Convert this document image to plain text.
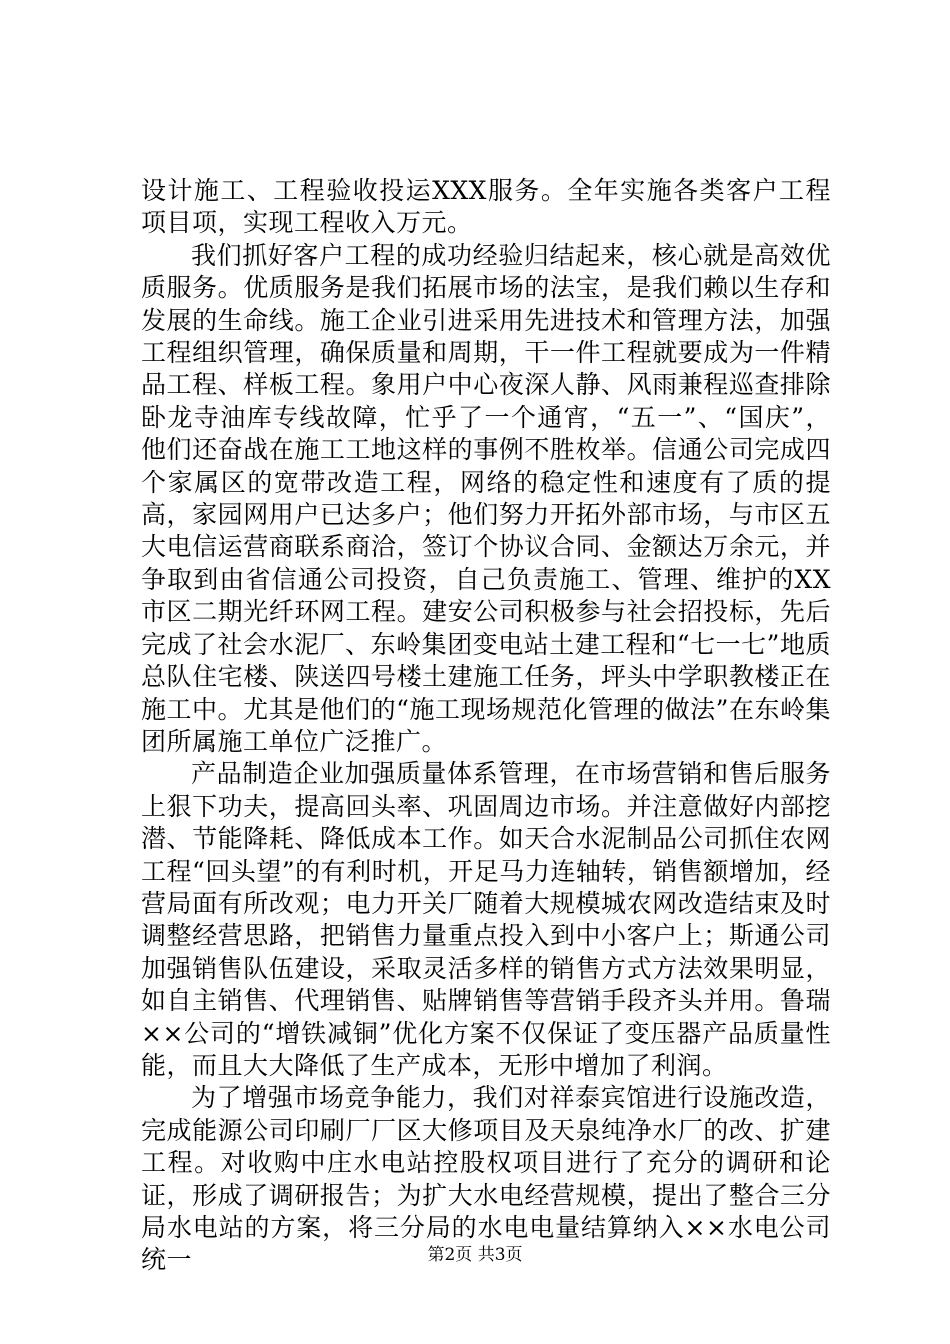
设计施工、工程验收投运XXX服务。全年实施各类客户工程项目项，实现工程收入万元。

我们抓好客户工程的成功经验归结起来，核心就是高效优质服务。优质服务是我们拓展市场的法宝，是我们赖以生存和发展的生命线。施工企业引进采用先进技术和管理方法，加强工程组织管理，确保质量和周期，干一件工程就要成为一件精品工程、样板工程。象用户中心夜深人静、风雨兼程巡查排除卧龙寺油库专线故障，忙乎了一个通宵，“五一”、“国庆”，他们还奋战在施工工地这样的事例不胜枚举。信通公司完成四个家属区的宽带改造工程，网络的稳定性和速度有了质的提高，家园网用户已达多户；他们努力开拓外部市场，与市区五大电信运营商联系商洽，签订个协议合同、金额达万余元，并争取到由省信通公司投资，自己负责施工、管理、维护的XX市区二期光纤环网工程。建安公司积极参与社会招投标，先后完成了社会水泥厂、东岭集团变电站土建工程和“七一七”地质总队住宅楼、陕送四号楼土建施工任务，坪头中学职教楼正在施工中。尤其是他们的“施工现场规范化管理的做法”在东岭集团所属施工单位广泛推广。

产品制造企业加强质量体系管理，在市场营销和售后服务上狠下功夫，提高回头率、巩固周边市场。并注意做好内部挖潜、节能降耗、降低成本工作。如天合水泥制品公司抓住农网工程“回头望”的有利时机，开足马力连轴转，销售额增加，经营局面有所改观；电力开关厂随着大规模城农网改造结束及时调整经营思路，把销售力量重点投入到中小客户上；斯通公司加强销售队伍建设，采取灵活多样的销售方式方法效果明显，如自主销售、代理销售、贴牌销售等营销手段齐头并用。鲁瑞××公司的“增铁减铜”优化方案不仅保证了变压器产品质量性能，而且大大降低了生产成本，无形中增加了利润。

为了增强市场竞争能力，我们对祥泰宾馆进行设施改造，完成能源公司印刷厂厂区大修项目及天泉纯净水厂的改、扩建工程。对收购中庄水电站控股权项目进行了充分的调研和论证，形成了调研报告；为扩大水电经营规模，提出了整合三分局水电站的方案，将三分局的水电电量结算纳入××水电公司统一	第2页 共3页
